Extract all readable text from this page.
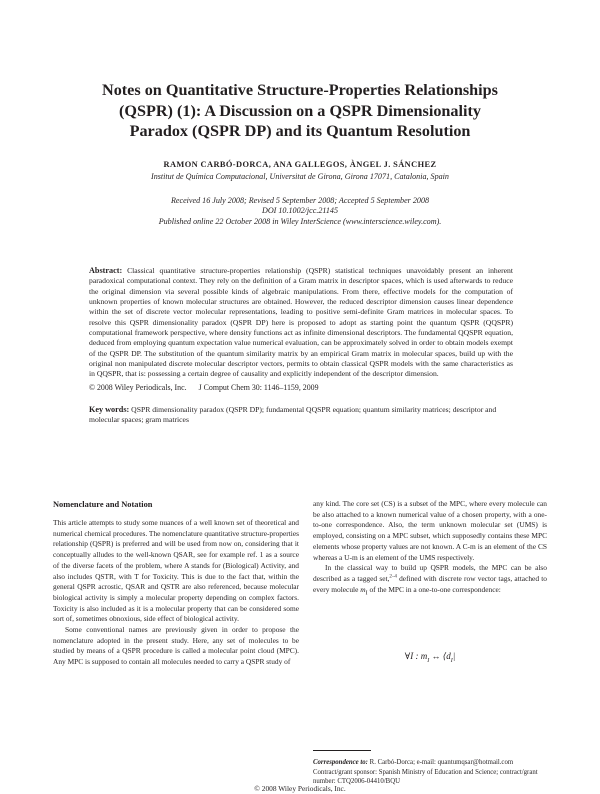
Notes on Quantitative Structure-Properties Relationships
(QSPR) (1): A Discussion on a QSPR Dimensionality
Paradox (QSPR DP) and its Quantum Resolution
RAMON CARBÓ-DORCA, ANA GALLEGOS, ÀNGEL J. SÁNCHEZ
Institut de Química Computacional, Universitat de Girona, Girona 17071, Catalonia, Spain
Received 16 July 2008; Revised 5 September 2008; Accepted 5 September 2008
DOI 10.1002/jcc.21145
Published online 22 October 2008 in Wiley InterScience (www.interscience.wiley.com).
Abstract: Classical quantitative structure-properties relationship (QSPR) statistical techniques unavoidably present an inherent paradoxical computational context. They rely on the definition of a Gram matrix in descriptor spaces, which is used afterwards to reduce the original dimension via several possible kinds of algebraic manipulations. From there, effective models for the computation of unknown properties of known molecular structures are obtained. However, the reduced descriptor dimension causes linear dependence within the set of discrete vector molecular representations, leading to positive semi-definite Gram matrices in molecular spaces. To resolve this QSPR dimensionality paradox (QSPR DP) here is proposed to adopt as starting point the quantum QSPR (QQSPR) computational framework perspective, where density functions act as infinite dimensional descriptors. The fundamental QQSPR equation, deduced from employing quantum expectation value numerical evaluation, can be approximately solved in order to obtain models exempt of the QSPR DP. The substitution of the quantum similarity matrix by an empirical Gram matrix in molecular spaces, build up with the original non manipulated discrete molecular descriptor vectors, permits to obtain classical QSPR models with the same characteristics as in QQSPR, that is: possessing a certain degree of causality and explicitly independent of the descriptor dimension.
© 2008 Wiley Periodicals, Inc. J Comput Chem 30: 1146–1159, 2009
Key words: QSPR dimensionality paradox (QSPR DP); fundamental QQSPR equation; quantum similarity matrices; descriptor and molecular spaces; gram matrices
Nomenclature and Notation

This article attempts to study some nuances of a well known set of theoretical and numerical chemical procedures. The nomenclature quantitative structure-properties relationship (QSPR) is preferred and will be used from now on, considering that it conceptually alludes to the well-known QSAR, see for example ref. 1 as a source of the diverse facets of the problem, where A stands for (Biological) Activity, and also includes QSTR, with T for Toxicity. This is due to the fact that, within the general QSPR acrostic, QSAR and QSTR are also referenced, because molecular biological activity is simply a molecular property depending on complex factors. Toxicity is also included as it is a molecular property that can be considered some sort of, sometimes obnoxious, side effect of biological activity.

Some conventional names are previously given in order to propose the nomenclature adopted in the present study. Here, any set of molecules to be studied by means of a QSPR procedure is called a molecular point cloud (MPC). Any MPC is supposed to contain all molecules needed to carry a QSPR study of

any kind. The core set (CS) is a subset of the MPC, where every molecule can be also attached to a known numerical value of a chosen property, with a one-to-one correspondence. Also, the term unknown molecular set (UMS) is employed, consisting on a MPC subset, which supposedly contains these MPC elements whose property values are not known. A C-m is an element of the CS whereas a U-m is an element of the UMS respectively.

In the classical way to build up QSPR models, the MPC can be also described as a tagged set,$^{2-4}$ defined with discrete row vector tags, attached to every molecule $m_I$ of the MPC in a one-to-one correspondence:

∀I : $m_I$ ↔ $⟨d_I|$
Correspondence to: R. Carbó-Dorca; e-mail: quantumqsar@hotmail.com
Contract/grant sponsor: Spanish Ministry of Education and Science; contract/grant number: CTQ2006-04410/BQU
© 2008 Wiley Periodicals, Inc.
